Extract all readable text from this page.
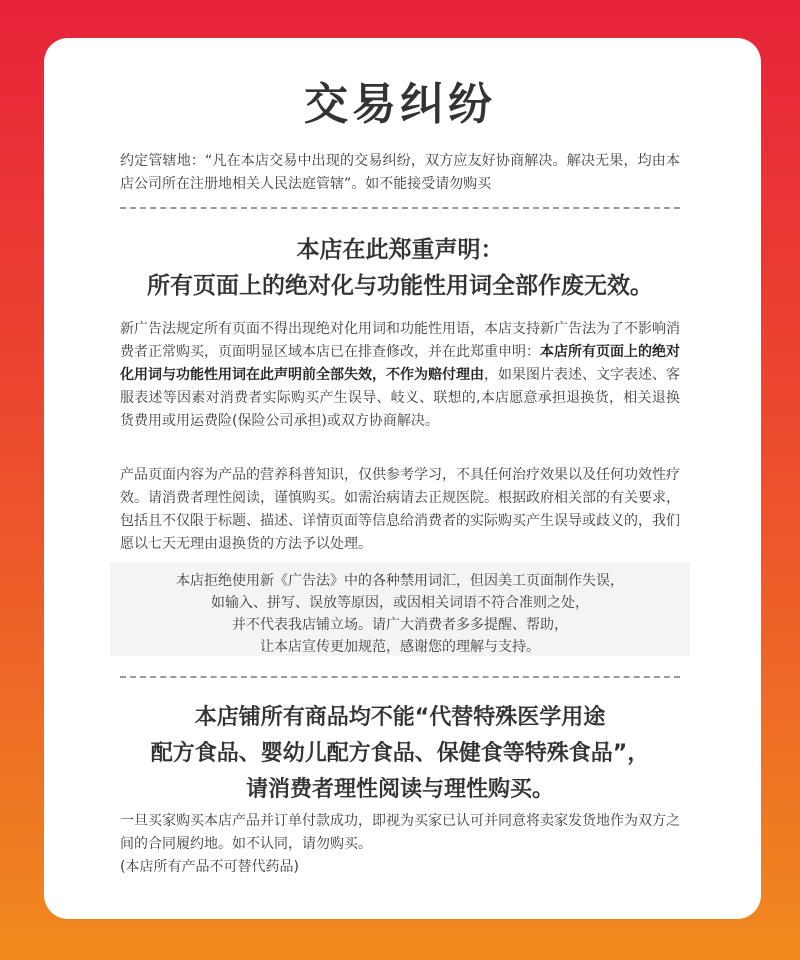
交易纠纷
约定管辖地：“凡在本店交易中出现的交易纠纷，双方应友好协商解决。解决无果，均由本店公司所在注册地相关人民法庭管辖”。如不能接受请勿购买
本店在此郑重声明：
所有页面上的绝对化与功能性用词全部作废无效。
新广告法规定所有页面不得出现绝对化用词和功能性用语，本店支持新广告法为了不影响消费者正常购买，页面明显区域本店已在排查修改，并在此郑重申明：本店所有页面上的绝对化用词与功能性用词在此声明前全部失效，不作为赔付理由，如果图片表述、文字表述、客服表述等因素对消费者实际购买产生误导、岐义、联想的,本店愿意承担退换货，相关退换货费用或用运费险(保险公司承担)或双方协商解决。
产品页面内容为产品的营养科普知识，仅供参考学习，不具任何治疗效果以及任何功效性疗效。请消费者理性阅读，谨慎购买。如需治病请去正规医院。根据政府相关部的有关要求，包括且不仅限于标题、描述、详情页面等信息给消费者的实际购买产生误导或歧义的，我们愿以七天无理由退换货的方法予以处理。
本店拒绝使用新《广告法》中的各种禁用词汇，但因美工页面制作失误，
如输入、拼写、误放等原因，或因相关词语不符合准则之处，
并不代表我店铺立场。请广大消费者多多提醒、帮助，
让本店宣传更加规范，感谢您的理解与支持。
本店铺所有商品均不能“代替特殊医学用途
配方食品、婴幼儿配方食品、保健食等特殊食品”，
请消费者理性阅读与理性购买。
一旦买家购买本店产品并订单付款成功，即视为买家已认可并同意将卖家发货地作为双方之间的合同履约地。如不认同，请勿购买。
(本店所有产品不可替代药品)
